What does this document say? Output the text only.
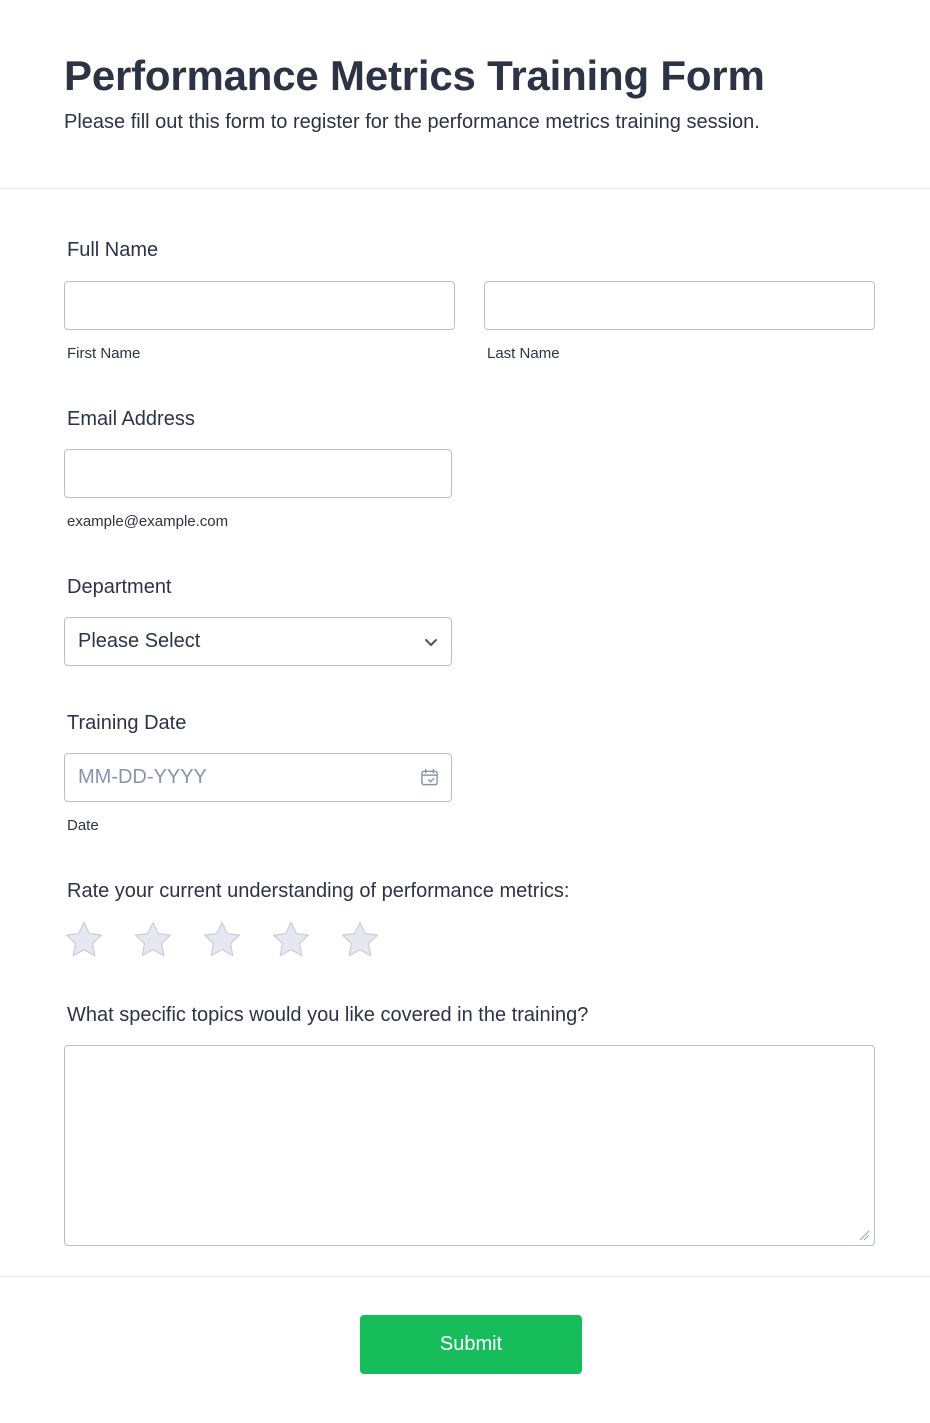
Performance Metrics Training Form

Please fill out this form to register for the performance metrics training session.

Full Name
First Name	Last Name
Email Address
example@example.com
Department
Please Select
Training Date
MM-DD-YYYY
Date
Rate your current understanding of performance metrics:
What specific topics would you like covered in the training?
Submit
